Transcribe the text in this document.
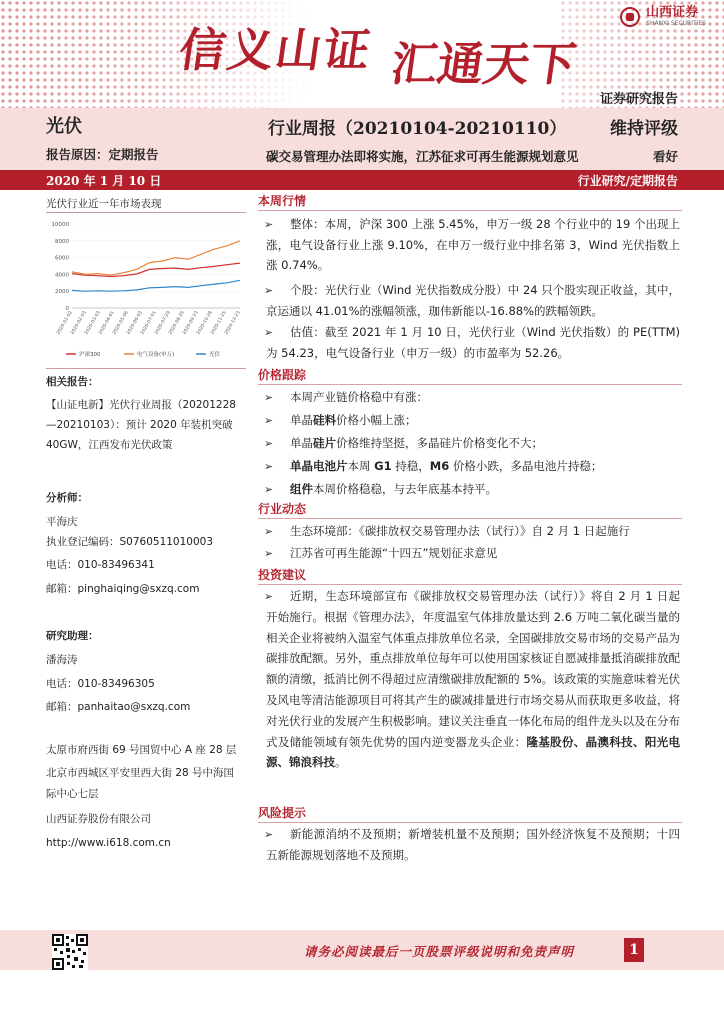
信义山证 汇通天下
山西证券
SHANXI SECURITIES
证券研究报告
光伏	行业周报（20210104-20210110）	维持评级
报告原因：定期报告	碳交易管理办法即将实施，江苏征求可再生能源规划意见	看好
2020 年 1 月 10 日	行业研究/定期报告
光伏行业近一年市场表现
0
2000
4000
6000
8000
10000
2020-01-02
2020-02-03
2020-03-03
2020-04-01
2020-05-06
2020-06-03
2020-07-01
2020-07-29
2020-08-26
2020-09-23
2020-10-28
2020-11-25
2020-12-23
沪深300	电气设备(申万)	光伏
相关报告：
【山证电新】光伏行业周报（20201228
—20210103）：预计 2020 年装机突破
40GW，江西发布光伏政策
分析师：
平海庆
执业登记编码：S0760511010003
电话：010-83496341
邮箱：pinghaiqing@sxzq.com
研究助理：
潘海涛
电话：010-83496305
邮箱：panhaitao@sxzq.com
太原市府西街 69 号国贸中心 A 座 28 层
北京市西城区平安里西大街 28 号中海国
际中心七层
山西证券股份有限公司
http://www.i618.com.cn
本周行情
➢	整体：本周，沪深 300 上涨 5.45%，申万一级 28 个行业中的 19 个出现上涨，电气设备行业上涨 9.10%，在申万一级行业中排名第 3，Wind 光伏指数上涨 0.74%。
➢	个股：光伏行业（Wind 光伏指数成分股）中 24 只个股实现正收益，其中，京运通以 41.01%的涨幅领涨，珈伟新能以-16.88%的跌幅领跌。
➢	估值：截至 2021 年 1 月 10 日，光伏行业（Wind 光伏指数）的 PE(TTM)为 54.23，电气设备行业（申万一级）的市盈率为 52.26。
价格跟踪
➢	本周产业链价格稳中有涨：
➢	单晶硅料价格小幅上涨；
➢	单晶硅片价格维持坚挺，多晶硅片价格变化不大；
➢	单晶电池片本周 G1 持稳，M6 价格小跌，多晶电池片持稳；
➢	组件本周价格稳稳，与去年底基本持平。
行业动态
➢	生态环境部：《碳排放权交易管理办法（试行）》自 2 月 1 日起施行
➢	江苏省可再生能源“十四五”规划征求意见
投资建议
➢	近期，生态环境部宣布《碳排放权交易管理办法（试行）》将自 2 月 1 日起开始施行。根据《管理办法》，年度温室气体排放量达到 2.6 万吨二氧化碳当量的相关企业将被纳入温室气体重点排放单位名录，全国碳排放交易市场的交易产品为碳排放配额。另外，重点排放单位每年可以使用国家核证自愿减排量抵消碳排放配额的清缴，抵消比例不得超过应清缴碳排放配额的 5%。该政策的实施意味着光伏及风电等清洁能源项目可将其产生的碳减排量进行市场交易从而获取更多收益，将对光伏行业的发展产生积极影响。建议关注垂直一体化布局的组件龙头以及在分布式及储能领域有领先优势的国内逆变器龙头企业：隆基股份、晶澳科技、阳光电源、锦浪科技。
风险提示
➢	新能源消纳不及预期；新增装机量不及预期；国外经济恢复不及预期；十四五新能源规划落地不及预期。
请务必阅读最后一页股票评级说明和免责声明	1
